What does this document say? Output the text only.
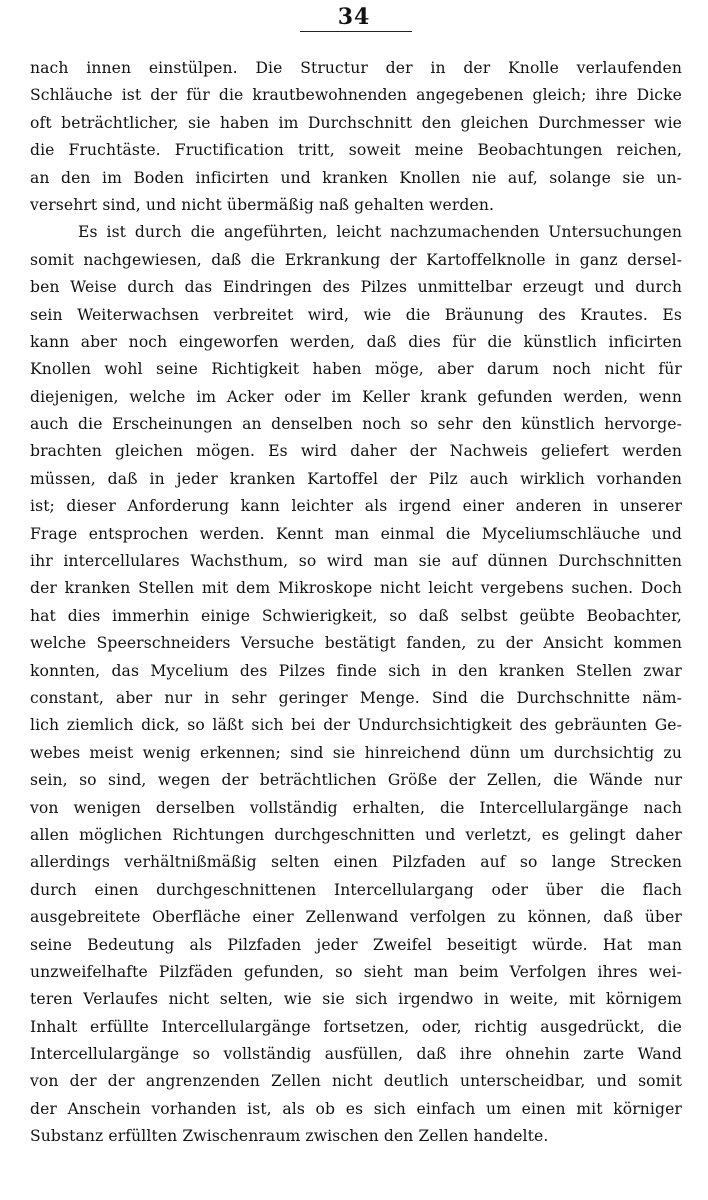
34
nach innen einstülpen. Die Structur der in der Knolle verlaufenden
Schläuche ist der für die krautbewohnenden angegebenen gleich; ihre Dicke
oft beträchtlicher, sie haben im Durchschnitt den gleichen Durchmesser wie
die Fruchtäste. Fructification tritt, soweit meine Beobachtungen reichen,
an den im Boden inficirten und kranken Knollen nie auf, solange sie un-
versehrt sind, und nicht übermäßig naß gehalten werden.
Es ist durch die angeführten, leicht nachzumachenden Untersuchungen
somit nachgewiesen, daß die Erkrankung der Kartoffelknolle in ganz dersel-
ben Weise durch das Eindringen des Pilzes unmittelbar erzeugt und durch
sein Weiterwachsen verbreitet wird, wie die Bräunung des Krautes. Es
kann aber noch eingeworfen werden, daß dies für die künstlich inficirten
Knollen wohl seine Richtigkeit haben möge, aber darum noch nicht für
diejenigen, welche im Acker oder im Keller krank gefunden werden, wenn
auch die Erscheinungen an denselben noch so sehr den künstlich hervorge-
brachten gleichen mögen. Es wird daher der Nachweis geliefert werden
müssen, daß in jeder kranken Kartoffel der Pilz auch wirklich vorhanden
ist; dieser Anforderung kann leichter als irgend einer anderen in unserer
Frage entsprochen werden. Kennt man einmal die Myceliumschläuche und
ihr intercellulares Wachsthum, so wird man sie auf dünnen Durchschnitten
der kranken Stellen mit dem Mikroskope nicht leicht vergebens suchen. Doch
hat dies immerhin einige Schwierigkeit, so daß selbst geübte Beobachter,
welche Speerschneiders Versuche bestätigt fanden, zu der Ansicht kommen
konnten, das Mycelium des Pilzes finde sich in den kranken Stellen zwar
constant, aber nur in sehr geringer Menge. Sind die Durchschnitte näm-
lich ziemlich dick, so läßt sich bei der Undurchsichtigkeit des gebräunten Ge-
webes meist wenig erkennen; sind sie hinreichend dünn um durchsichtig zu
sein, so sind, wegen der beträchtlichen Größe der Zellen, die Wände nur
von wenigen derselben vollständig erhalten, die Intercellulargänge nach
allen möglichen Richtungen durchgeschnitten und verletzt, es gelingt daher
allerdings verhältnißmäßig selten einen Pilzfaden auf so lange Strecken
durch einen durchgeschnittenen Intercellulargang oder über die flach
ausgebreitete Oberfläche einer Zellenwand verfolgen zu können, daß über
seine Bedeutung als Pilzfaden jeder Zweifel beseitigt würde. Hat man
unzweifelhafte Pilzfäden gefunden, so sieht man beim Verfolgen ihres wei-
teren Verlaufes nicht selten, wie sie sich irgendwo in weite, mit körnigem
Inhalt erfüllte Intercellulargänge fortsetzen, oder, richtig ausgedrückt, die
Intercellulargänge so vollständig ausfüllen, daß ihre ohnehin zarte Wand
von der der angrenzenden Zellen nicht deutlich unterscheidbar, und somit
der Anschein vorhanden ist, als ob es sich einfach um einen mit körniger
Substanz erfüllten Zwischenraum zwischen den Zellen handelte.
